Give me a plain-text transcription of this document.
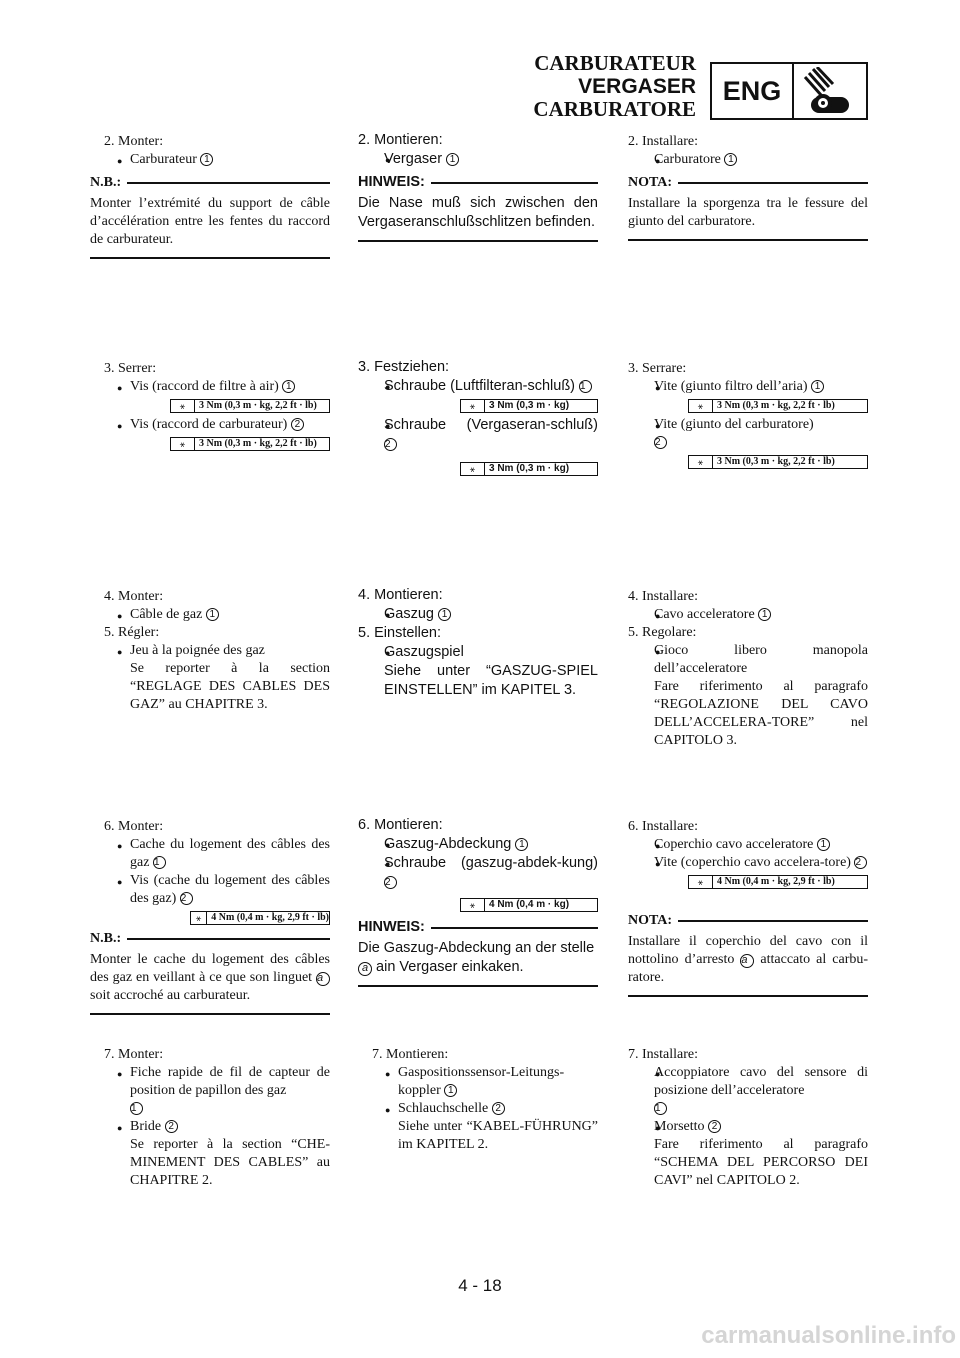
CARBURATEUR
VERGASER
CARBURATORE
ENG
2. Monter:
● Carburateur 1
N.B.:
Monter l’extrémité du support de câble d’accélération entre les fentes du raccord de carburateur.
3. Serrer:
● Vis (raccord de filtre à air) 1
⚹	3 Nm (0,3 m · kg, 2,2 ft · lb)
● Vis (raccord de carburateur) 2
⚹	3 Nm (0,3 m · kg, 2,2 ft · lb)
4. Monter:
● Câble de gaz 1
5. Régler:
● Jeu à la poignée des gaz
Se reporter à la section “REGLAGE DES CABLES DES GAZ” au CHAPITRE 3.
6. Monter:
● Cache du logement des câbles des gaz 1
● Vis (cache du logement des câbles des gaz) 2
⚹ 4 Nm (0,4 m · kg, 2,9 ft · lb)
N.B.:
Monter le cache du logement des câbles des gaz en veillant à ce que son linguet a soit accroché au carburateur.
7. Monter:
● Fiche rapide de fil de capteur de position de papillon des gaz
1
● Bride 2
Se reporter à la section “CHE-MINEMENT DES CABLES” au CHAPITRE 2.
2. Montieren:
● Vergaser 1
HINWEIS:
Die Nase muß sich zwischen den Vergaseranschlußschlitzen befinden.
3. Festziehen:
● Schraube (Luftfilteran-schluß) 1
⚹	3 Nm (0,3 m · kg)
● Schraube (Vergaseran-schluß) 2
⚹	3 Nm (0,3 m · kg)
4. Montieren:
● Gaszug 1
5. Einstellen:
● Gaszugspiel
Siehe unter “GASZUG-SPIEL EINSTELLEN” im KAPITEL 3.
6. Montieren:
● Gaszug-Abdeckung 1
● Schraube (gaszug-abdek-kung) 2
⚹	4 Nm (0,4 m · kg)
HINWEIS:
Die Gaszug-Abdeckung an der stelle
a ain Vergaser einkaken.
7. Montieren:
● Gaspositionssensor-Leitungs-koppler 1
● Schlauchschelle 2
Siehe unter “KABEL-FÜHRUNG” im KAPITEL 2.
2. Installare:
● Carburatore 1
NOTA:
Installare la sporgenza tra le fessure del giunto del carburatore.
3. Serrare:
● Vite (giunto filtro dell’aria) 1
⚹	3 Nm (0,3 m · kg, 2,2 ft · lb)
● Vite (giunto del carburatore)
2
⚹	3 Nm (0,3 m · kg, 2,2 ft · lb)
4. Installare:
● Cavo acceleratore 1
5. Regolare:
● Gioco libero manopola dell’acceleratore
Fare riferimento al paragrafo “REGOLAZIONE DEL CAVO DELL’ACCELERA-TORE” nel CAPITOLO 3.
6. Installare:
● Coperchio cavo acceleratore 1
● Vite (coperchio cavo accelera-tore) 2
⚹	4 Nm (0,4 m · kg, 2,9 ft · lb)
NOTA:
Installare il coperchio del cavo con il nottolino d’arresto a attaccato al carbu-ratore.
7. Installare:
● Accoppiatore cavo del sensore di posizione dell’acceleratore
1
● Morsetto 2
Fare riferimento al paragrafo “SCHEMA DEL PERCORSO DEI CAVI” nel CAPITOLO 2.
4 - 18
carmanualsonline.info
